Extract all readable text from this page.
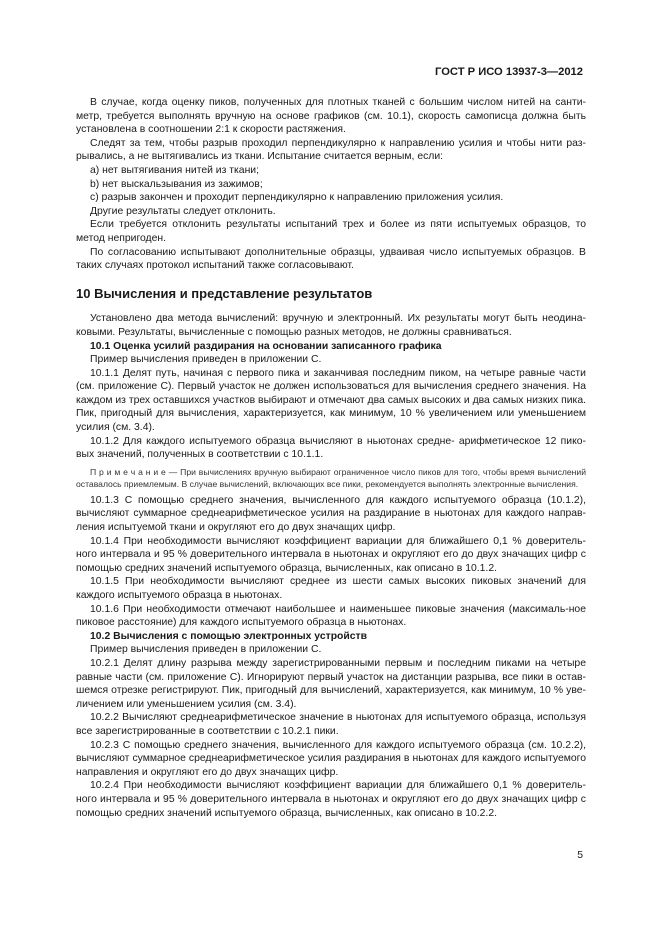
ГОСТ Р ИСО 13937-3—2012

В случае, когда оценку пиков, полученных для плотных тканей с большим числом нитей на санти-метр, требуется выполнять вручную на основе графиков (см. 10.1), скорость самописца должна быть установлена в соотношении 2:1 к скорости растяжения.

Следят за тем, чтобы разрыв проходил перпендикулярно к направлению усилия и чтобы нити раз-рывались, а не вытягивались из ткани. Испытание считается верным, если:

a) нет вытягивания нитей из ткани;

b) нет выскальзывания из зажимов;

c) разрыв закончен и проходит перпендикулярно к направлению приложения усилия.

Другие результаты следует отклонить.

Если требуется отклонить результаты испытаний трех и более из пяти испытуемых образцов, то метод непригоден.

По согласованию испытывают дополнительные образцы, удваивая число испытуемых образцов. В таких случаях протокол испытаний также согласовывают.

10 Вычисления и представление результатов

Установлено два метода вычислений: вручную и электронный. Их результаты могут быть неодина-ковыми. Результаты, вычисленные с помощью разных методов, не должны сравниваться.

10.1 Оценка усилий раздирания на основании записанного графика

Пример вычисления приведен в приложении С.

10.1.1 Делят путь, начиная с первого пика и заканчивая последним пиком, на четыре равные части (см. приложение С). Первый участок не должен использоваться для вычисления среднего значения. На каждом из трех оставшихся участков выбирают и отмечают два самых высоких и два самых низких пика. Пик, пригодный для вычисления, характеризуется, как минимум, 10 % увеличением или уменьшением усилия (см. 3.4).

10.1.2 Для каждого испытуемого образца вычисляют в ньютонах средне- арифметическое 12 пико-вых значений, полученных в соответствии с 10.1.1.

П р и м е ч а н и е — При вычислениях вручную выбирают ограниченное число пиков для того, чтобы время вычислений оставалось приемлемым. В случае вычислений, включающих все пики, рекомендуется выполнять электронные вычисления.

10.1.3 С помощью среднего значения, вычисленного для каждого испытуемого образца (10.1.2), вычисляют суммарное среднеарифметическое усилия на раздирание в ньютонах для каждого направ-ления испытуемой ткани и округляют его до двух значащих цифр.

10.1.4 При необходимости вычисляют коэффициент вариации для ближайшего 0,1 % доверитель-ного интервала и 95 % доверительного интервала в ньютонах и округляют его до двух значащих цифр с помощью средних значений испытуемого образца, вычисленных, как описано в 10.1.2.

10.1.5 При необходимости вычисляют среднее из шести самых высоких пиковых значений для каждого испытуемого образца в ньютонах.

10.1.6 При необходимости отмечают наибольшее и наименьшее пиковые значения (максималь-ное пиковое расстояние) для каждого испытуемого образца в ньютонах.

10.2 Вычисления с помощью электронных устройств

Пример вычисления приведен в приложении С.

10.2.1 Делят длину разрыва между зарегистрированными первым и последним пиками на четыре равные части (см. приложение С). Игнорируют первый участок на дистанции разрыва, все пики в остав-шемся отрезке регистрируют. Пик, пригодный для вычислений, характеризуется, как минимум, 10 % уве-личением или уменьшением усилия (см. 3.4).

10.2.2 Вычисляют среднеарифметическое значение в ньютонах для испытуемого образца, используя все зарегистрированные в соответствии с 10.2.1 пики.

10.2.3 С помощью среднего значения, вычисленного для каждого испытуемого образца (см. 10.2.2), вычисляют суммарное среднеарифметическое усилия раздирания в ньютонах для каждого испытуемого направления и округляют его до двух значащих цифр.

10.2.4 При необходимости вычисляют коэффициент вариации для ближайшего 0,1 % доверитель-ного интервала и 95 % доверительного интервала в ньютонах и округляют его до двух значащих цифр с помощью средних значений испытуемого образца, вычисленных, как описано в 10.2.2.

5
